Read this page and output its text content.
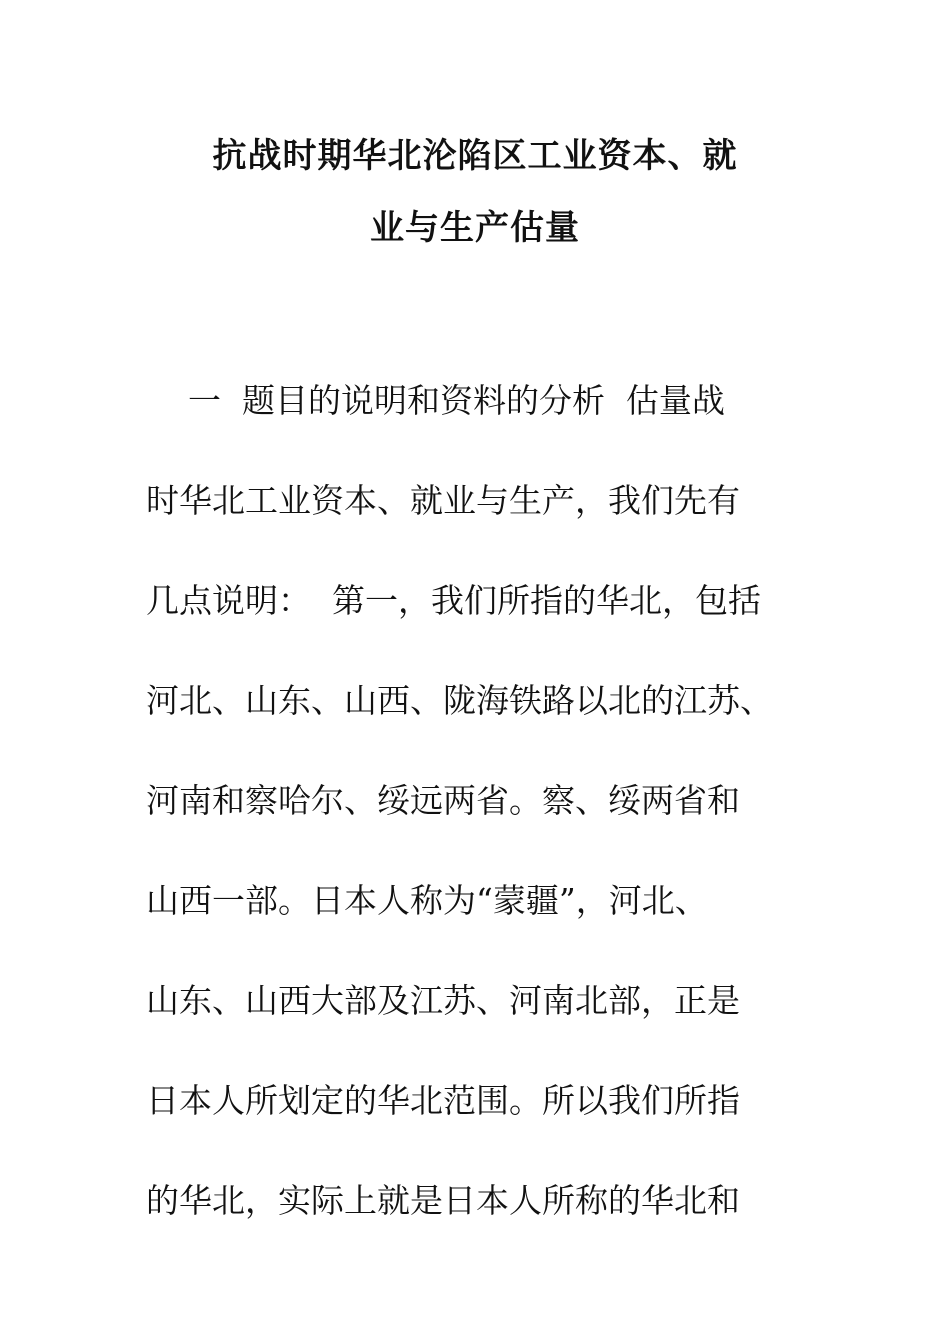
抗战时期华北沦陷区工业资本、就
业与生产估量
一  题目的说明和资料的分析  估量战
时华北工业资本、就业与生产，我们先有
几点说明：  第一，我们所指的华北，包括
河北、山东、山西、陇海铁路以北的江苏、
河南和察哈尔、绥远两省。察、绥两省和
山西一部。日本人称为“蒙疆”，河北、
山东、山西大部及江苏、河南北部，正是
日本人所划定的华北范围。所以我们所指
的华北，实际上就是日本人所称的华北和
